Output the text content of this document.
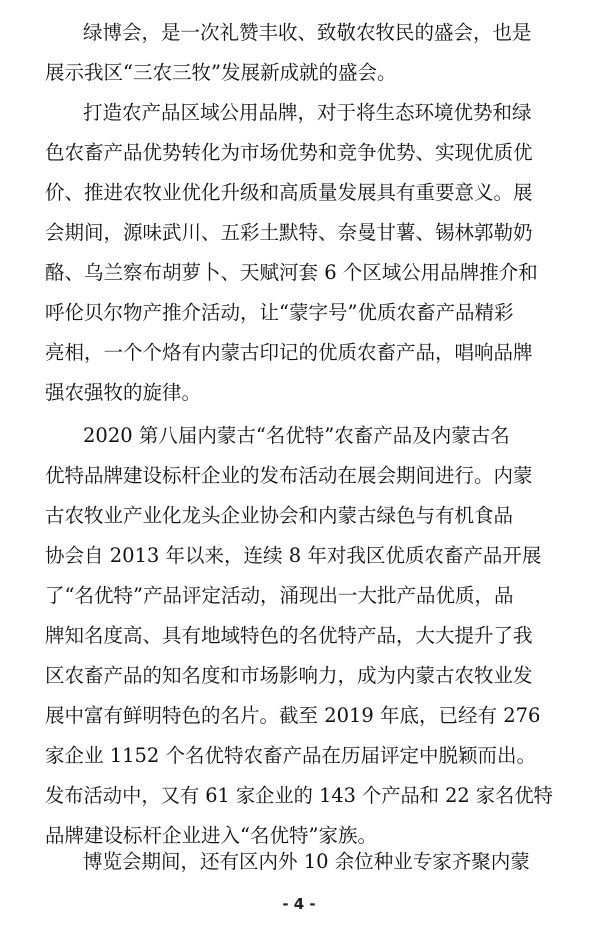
绿博会，是一次礼赞丰收、致敬农牧民的盛会，也是
展示我区“三农三牧”发展新成就的盛会。
打造农产品区域公用品牌，对于将生态环境优势和绿
色农畜产品优势转化为市场优势和竞争优势、实现优质优
价、推进农牧业优化升级和高质量发展具有重要意义。展
会期间，源味武川、五彩土默特、奈曼甘薯、锡林郭勒奶
酪、乌兰察布胡萝卜、天赋河套 6 个区域公用品牌推介和
呼伦贝尔物产推介活动，让“蒙字号”优质农畜产品精彩
亮相，一个个烙有内蒙古印记的优质农畜产品，唱响品牌
强农强牧的旋律。
2020 第八届内蒙古“名优特”农畜产品及内蒙古名
优特品牌建设标杆企业的发布活动在展会期间进行。内蒙
古农牧业产业化龙头企业协会和内蒙古绿色与有机食品
协会自 2013 年以来，连续 8 年对我区优质农畜产品开展
了“名优特”产品评定活动，涌现出一大批产品优质，品
牌知名度高、具有地域特色的名优特产品，大大提升了我
区农畜产品的知名度和市场影响力，成为内蒙古农牧业发
展中富有鲜明特色的名片。截至 2019 年底，已经有 276
家企业 1152 个名优特农畜产品在历届评定中脱颖而出。
发布活动中，又有 61 家企业的 143 个产品和 22 家名优特
品牌建设标杆企业进入“名优特”家族。
博览会期间，还有区内外 10 余位种业专家齐聚内蒙
- 4 -
